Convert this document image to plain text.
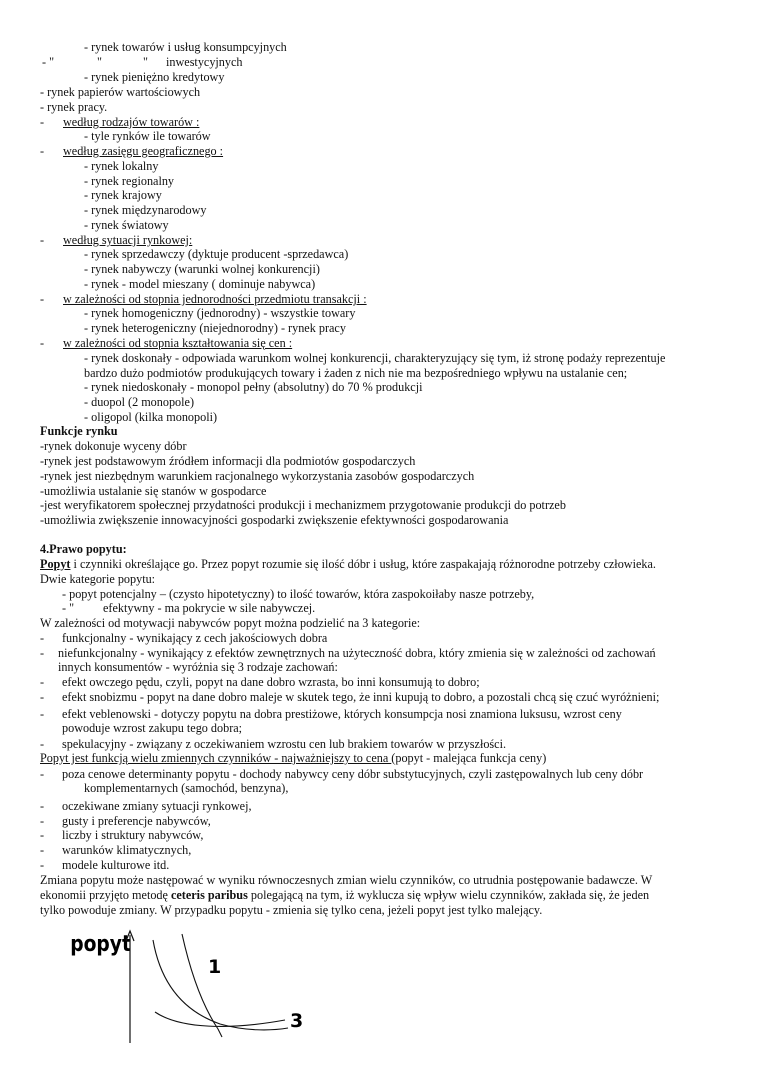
- rynek towarów i usług konsumpcyjnych
- "	"	" inwestycyjnych
- rynek pieniężno kredytowy
- rynek papierów wartościowych
- rynek pracy.
- według rodzajów towarów :
- tyle rynków ile towarów
- według zasięgu geograficznego :
- rynek lokalny
- rynek regionalny
- rynek krajowy
- rynek międzynarodowy
- rynek światowy
- według sytuacji rynkowej:
- rynek sprzedawczy (dyktuje producent -sprzedawca)
- rynek nabywczy (warunki wolnej konkurencji)
- rynek - model mieszany ( dominuje nabywca)
- w zależności od stopnia jednorodności przedmiotu transakcji :
- rynek homogeniczny (jednorodny) - wszystkie towary
- rynek heterogeniczny (niejednorodny) - rynek pracy
- w zależności od stopnia kształtowania się cen :
- rynek doskonały - odpowiada warunkom wolnej konkurencji, charakteryzujący się tym, iż stronę podaży reprezentuje
bardzo dużo podmiotów produkujących towary i żaden z nich nie ma bezpośredniego wpływu na ustalanie cen;
- rynek niedoskonały - monopol pełny (absolutny) do 70 % produkcji
- duopol (2 monopole)
- oligopol (kilka monopoli)
Funkcje rynku
-rynek dokonuje wyceny dóbr
-rynek jest podstawowym źródłem informacji dla podmiotów gospodarczych
-rynek jest niezbędnym warunkiem racjonalnego wykorzystania zasobów gospodarczych
-umożliwia ustalanie się stanów w gospodarce
-jest weryfikatorem społecznej przydatności produkcji i mechanizmem przygotowanie produkcji do potrzeb
-umożliwia zwiększenie innowacyjności gospodarki zwiększenie efektywności gospodarowania
4.Prawo popytu:
Popyt i czynniki określające go. Przez popyt rozumie się ilość dóbr i usług, które zaspakajają różnorodne potrzeby człowieka.
Dwie kategorie popytu:
- popyt potencjalny – (czysto hipotetyczny) to ilość towarów, która zaspokoiłaby nasze potrzeby,
- " efektywny - ma pokrycie w sile nabywczej.
W zależności od motywacji nabywców popyt można podzielić na 3 kategorie:
- funkcjonalny - wynikający z cech jakościowych dobra
- niefunkcjonalny - wynikający z efektów zewnętrznych na użyteczność dobra, który zmienia się w zależności od zachowań
innych konsumentów - wyróżnia się 3 rodzaje zachowań:
- efekt owczego pędu, czyli, popyt na dane dobro wzrasta, bo inni konsumują to dobro;
- efekt snobizmu - popyt na dane dobro maleje w skutek tego, że inni kupują to dobro, a pozostali chcą się czuć wyróżnieni;
- efekt veblenowski - dotyczy popytu na dobra prestiżowe, których konsumpcja nosi znamiona luksusu, wzrost ceny
powoduje wzrost zakupu tego dobra;
- spekulacyjny - związany z oczekiwaniem wzrostu cen lub brakiem towarów w przyszłości.
Popyt jest funkcją wielu zmiennych czynników - najważniejszy to cena (popyt - malejąca funkcja ceny)
- poza cenowe determinanty popytu - dochody nabywcy ceny dóbr substytucyjnych, czyli zastępowalnych lub ceny dóbr
komplementarnych (samochód, benzyna),
- oczekiwane zmiany sytuacji rynkowej,
- gusty i preferencje nabywców,
- liczby i struktury nabywców,
- warunków klimatycznych,
- modele kulturowe itd.
Zmiana popytu może następować w wyniku równoczesnych zmian wielu czynników, co utrudnia postępowanie badawcze. W
ekonomii przyjęto metodę ceteris paribus polegającą na tym, iż wyklucza się wpływ wielu czynników, zakłada się, że jeden
tylko powoduje zmiany. W przypadku popytu - zmienia się tylko cena, jeżeli popyt jest tylko malejący.
popyt
1
3
